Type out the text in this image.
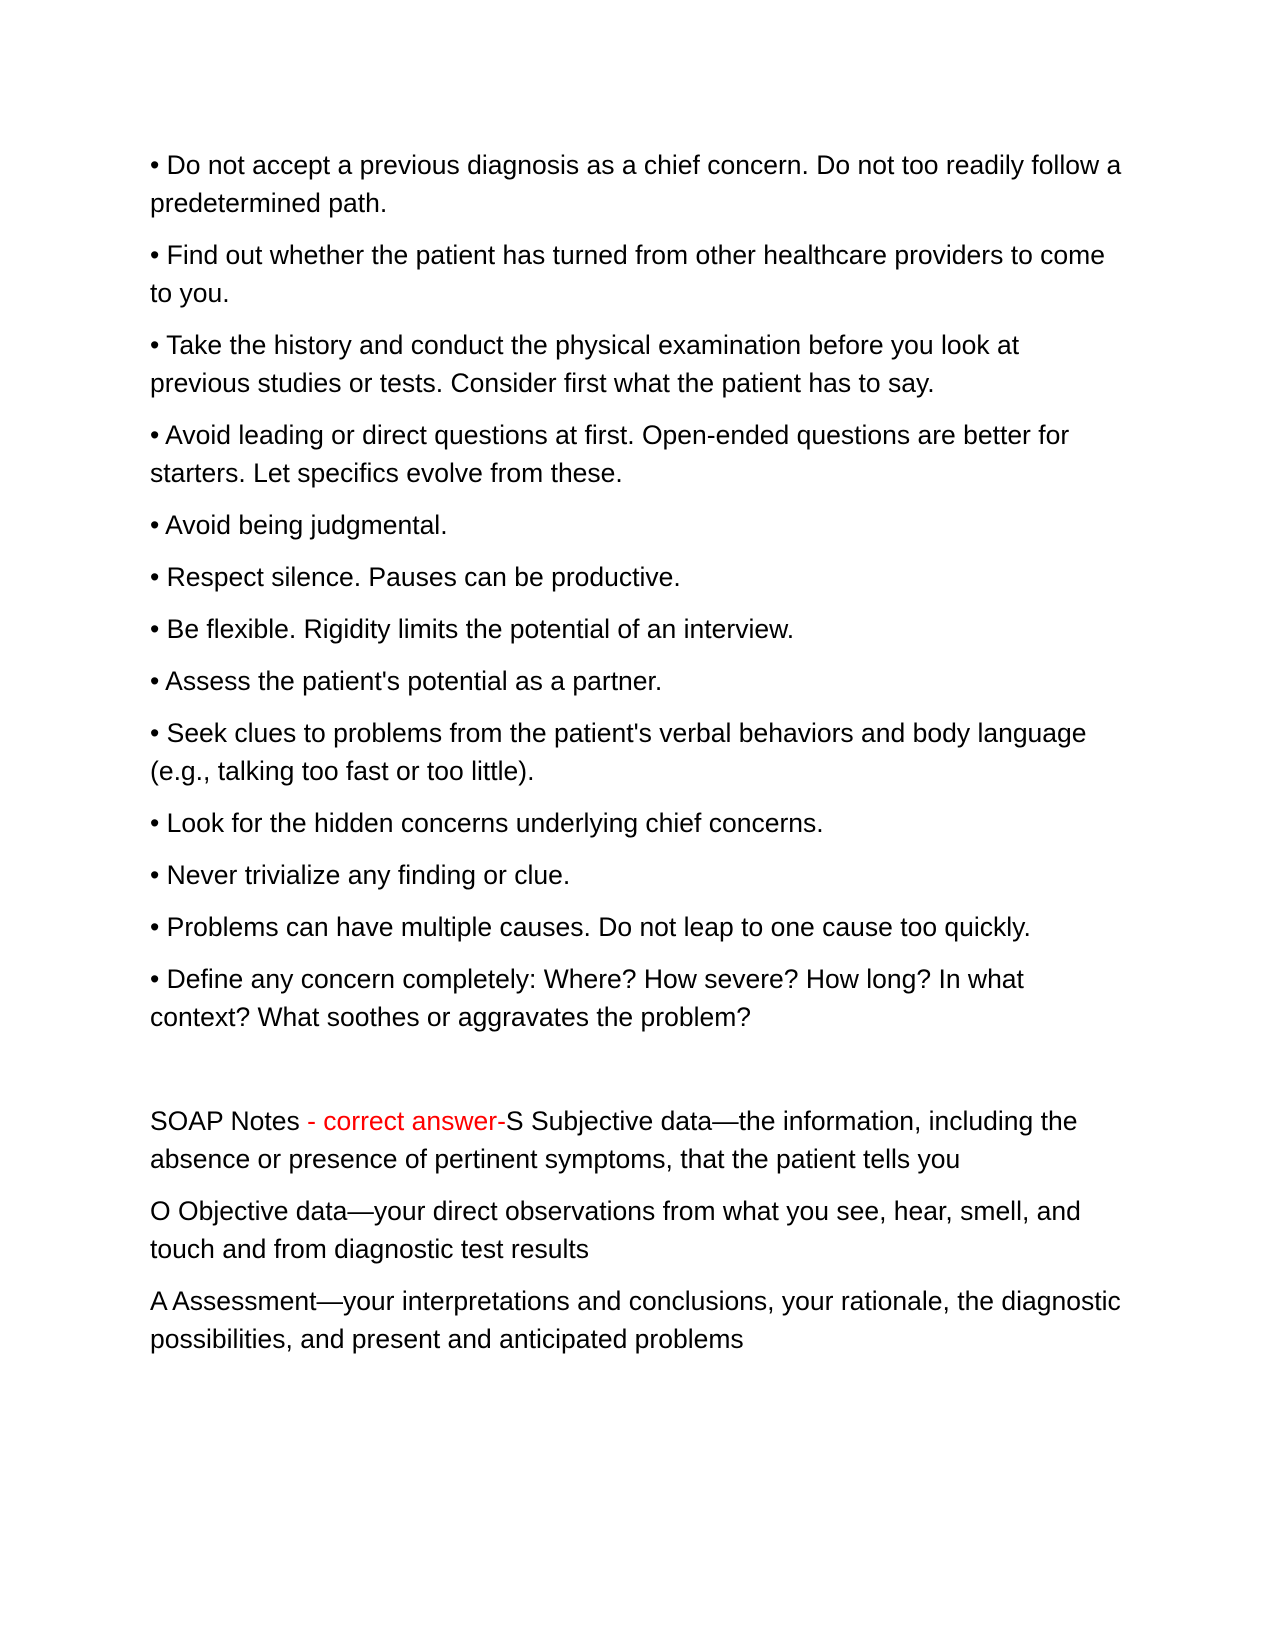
• Do not accept a previous diagnosis as a chief concern. Do not too readily follow a predetermined path.

• Find out whether the patient has turned from other healthcare providers to come to you.

• Take the history and conduct the physical examination before you look at previous studies or tests. Consider first what the patient has to say.

• Avoid leading or direct questions at first. Open-ended questions are better for starters. Let specifics evolve from these.

• Avoid being judgmental.

• Respect silence. Pauses can be productive.

• Be flexible. Rigidity limits the potential of an interview.

• Assess the patient's potential as a partner.

• Seek clues to problems from the patient's verbal behaviors and body language (e.g., talking too fast or too little).

• Look for the hidden concerns underlying chief concerns.

• Never trivialize any finding or clue.

• Problems can have multiple causes. Do not leap to one cause too quickly.

• Define any concern completely: Where? How severe? How long? In what context? What soothes or aggravates the problem?

SOAP Notes - correct answer-S Subjective data—the information, including the absence or presence of pertinent symptoms, that the patient tells you

O Objective data—your direct observations from what you see, hear, smell, and touch and from diagnostic test results

A Assessment—your interpretations and conclusions, your rationale, the diagnostic possibilities, and present and anticipated problems
